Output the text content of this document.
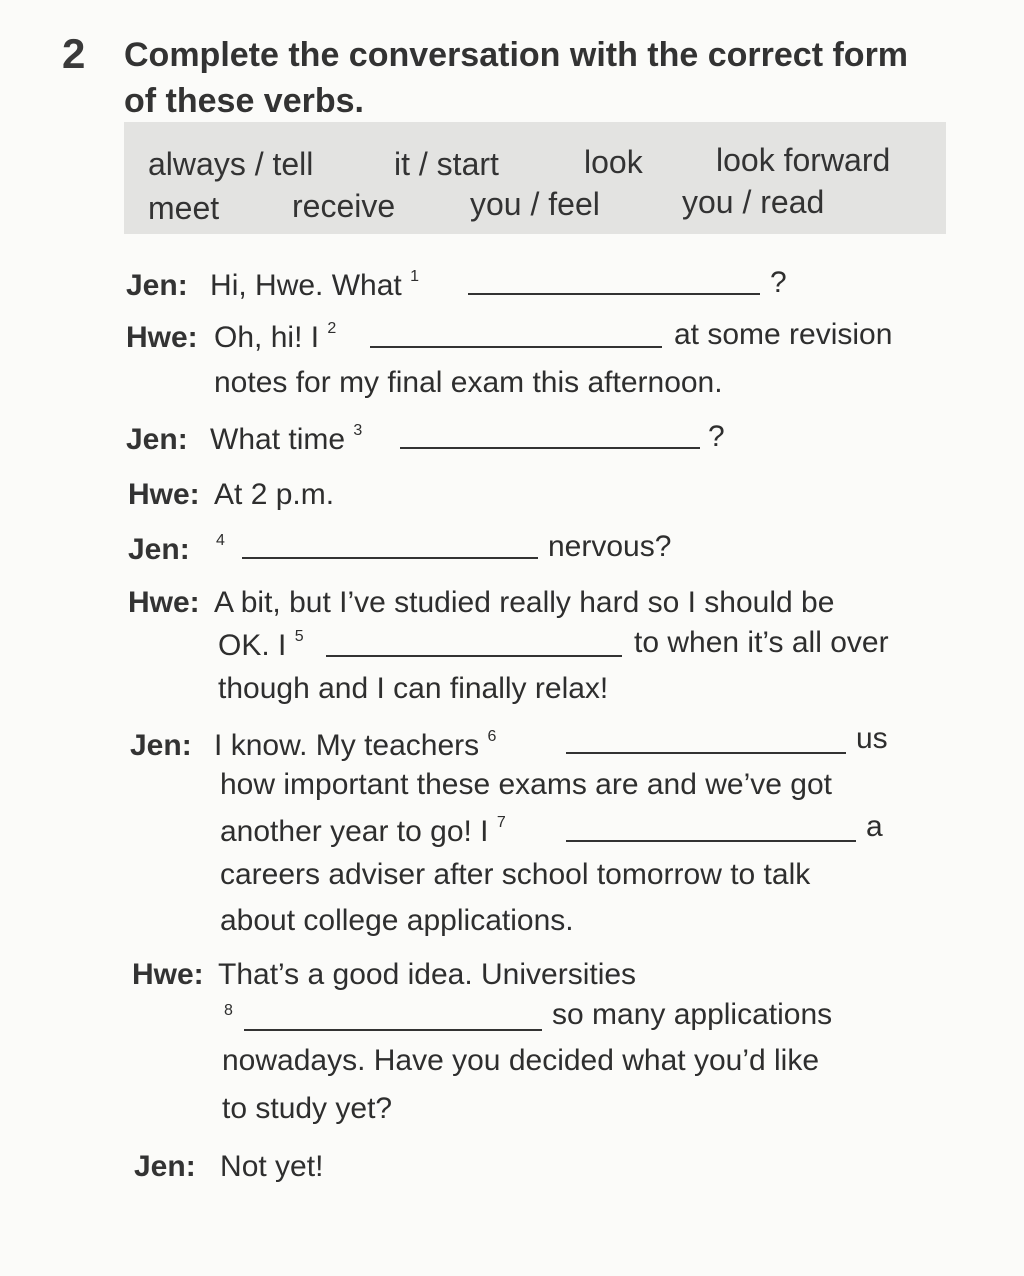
2 Complete the conversation with the correct form
of these verbs.
always / tell	it / start	look look forward
meet receive you / feel	you / read
Jen: Hi, Hwe. What $^1$	?
Hwe: Oh, hi! I $^2$	at some revision
notes for my final exam this afternoon.
Jen: What time $^3$	?
Hwe: At 2 p.m.
Jen: $^4$	nervous?
Hwe: A bit, but I’ve studied really hard so I should be
OK. I $^5$	to when it’s all over
though and I can finally relax!
Jen: I know. My teachers $^6$	us
how important these exams are and we’ve got
another year to go! I $^7$	a
careers adviser after school tomorrow to talk
about college applications.
Hwe: That’s a good idea. Universities
$^8$	so many applications
nowadays. Have you decided what you’d like
to study yet?
Jen: Not yet!
